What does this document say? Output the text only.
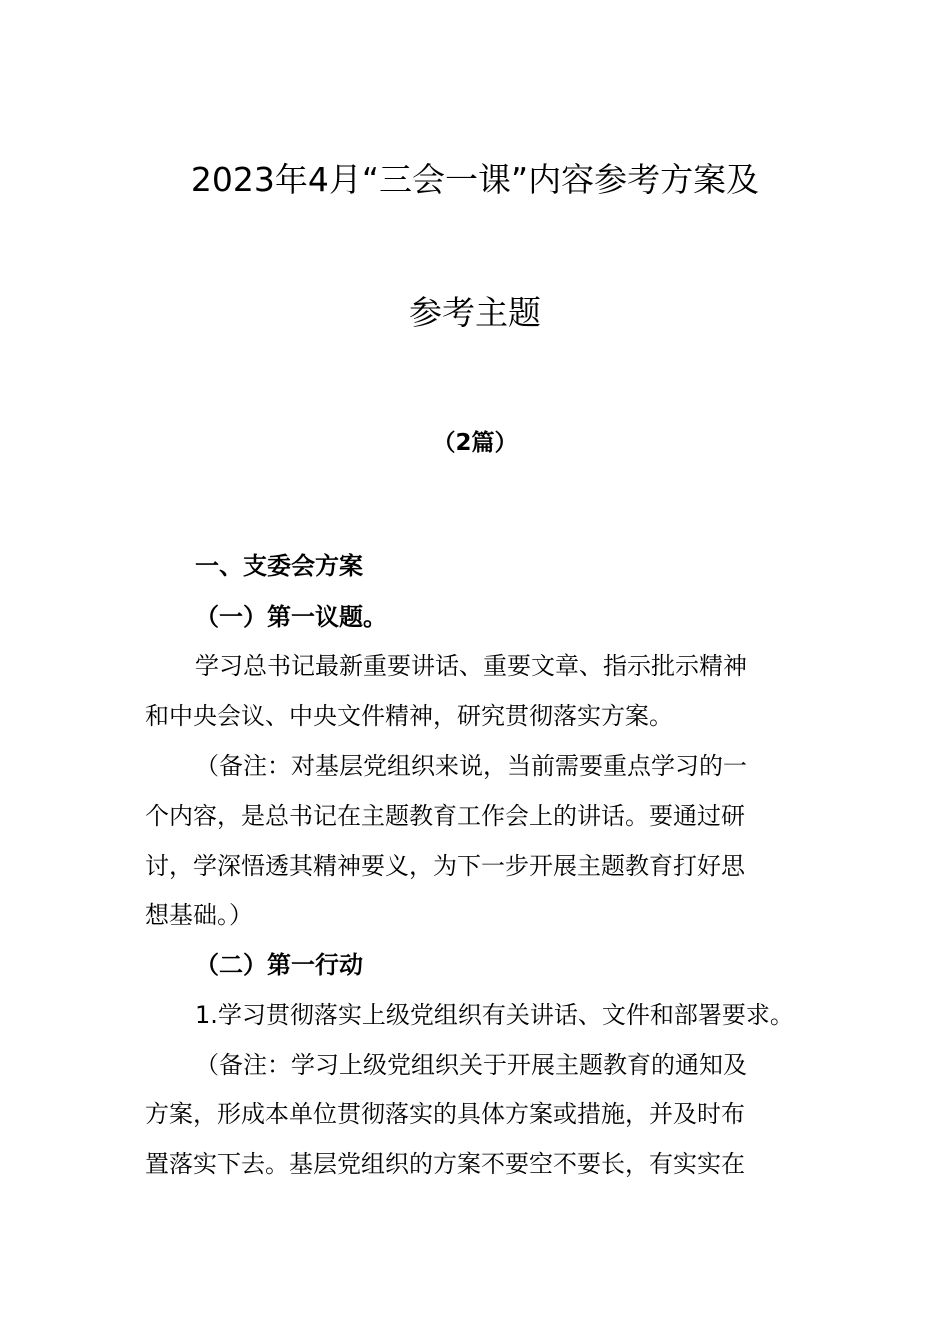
2023年4月“三会一课”内容参考方案及
参考主题
（2篇）
一、支委会方案
（一）第一议题。
学习总书记最新重要讲话、重要文章、指示批示精神
和中央会议、中央文件精神，研究贯彻落实方案。
（备注：对基层党组织来说，当前需要重点学习的一
个内容，是总书记在主题教育工作会上的讲话。要通过研
讨，学深悟透其精神要义，为下一步开展主题教育打好思
想基础。）
（二）第一行动
1.学习贯彻落实上级党组织有关讲话、文件和部署要求。
（备注：学习上级党组织关于开展主题教育的通知及
方案，形成本单位贯彻落实的具体方案或措施，并及时布
置落实下去。基层党组织的方案不要空不要长，有实实在
